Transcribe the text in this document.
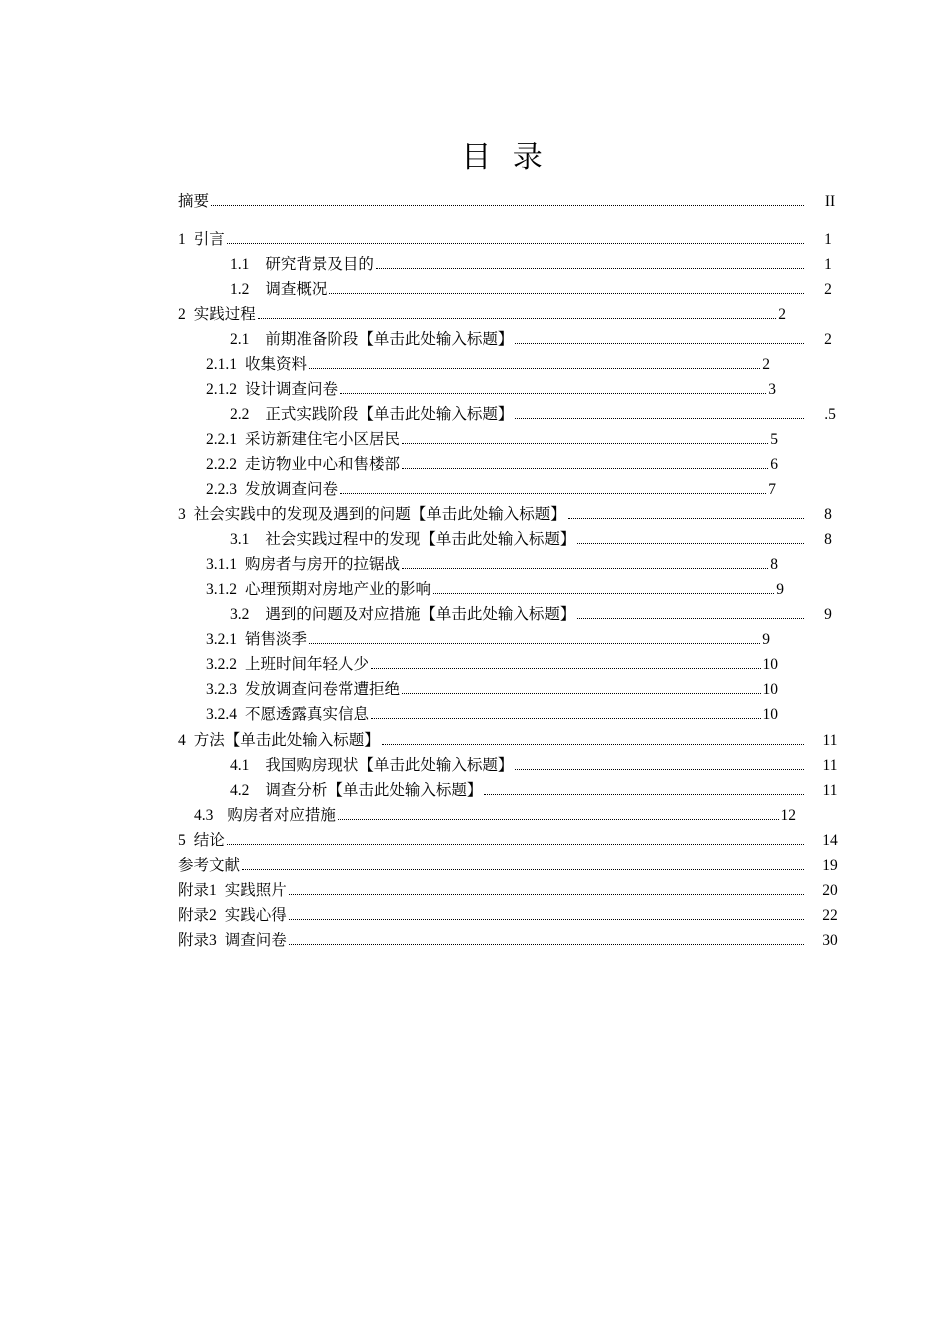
目 录
摘要	II
1 引言	1
1.1 研究背景及目的	1
1.2 调查概况	2
2 实践过程	2
2.1 前期准备阶段【单击此处输入标题】	2
2.1.1 收集资料	2
2.1.2 设计调查问卷	3
2.2 正式实践阶段【单击此处输入标题】	.5
2.2.1 采访新建住宅小区居民	5
2.2.2 走访物业中心和售楼部	6
2.2.3 发放调查问卷	7
3 社会实践中的发现及遇到的问题【单击此处输入标题】	8
3.1 社会实践过程中的发现【单击此处输入标题】	8
3.1.1 购房者与房开的拉锯战	8
3.1.2 心理预期对房地产业的影响	9
3.2 遇到的问题及对应措施【单击此处输入标题】	9
3.2.1 销售淡季	9
3.2.2 上班时间年轻人少	10
3.2.3 发放调查问卷常遭拒绝	10
3.2.4 不愿透露真实信息	10
4 方法【单击此处输入标题】	11
4.1 我国购房现状【单击此处输入标题】	11
4.2 调查分析【单击此处输入标题】	11
4.3 购房者对应措施	12
5 结论	14
参考文献	19
附录1 实践照片	20
附录2 实践心得	22
附录3 调查问卷	30
